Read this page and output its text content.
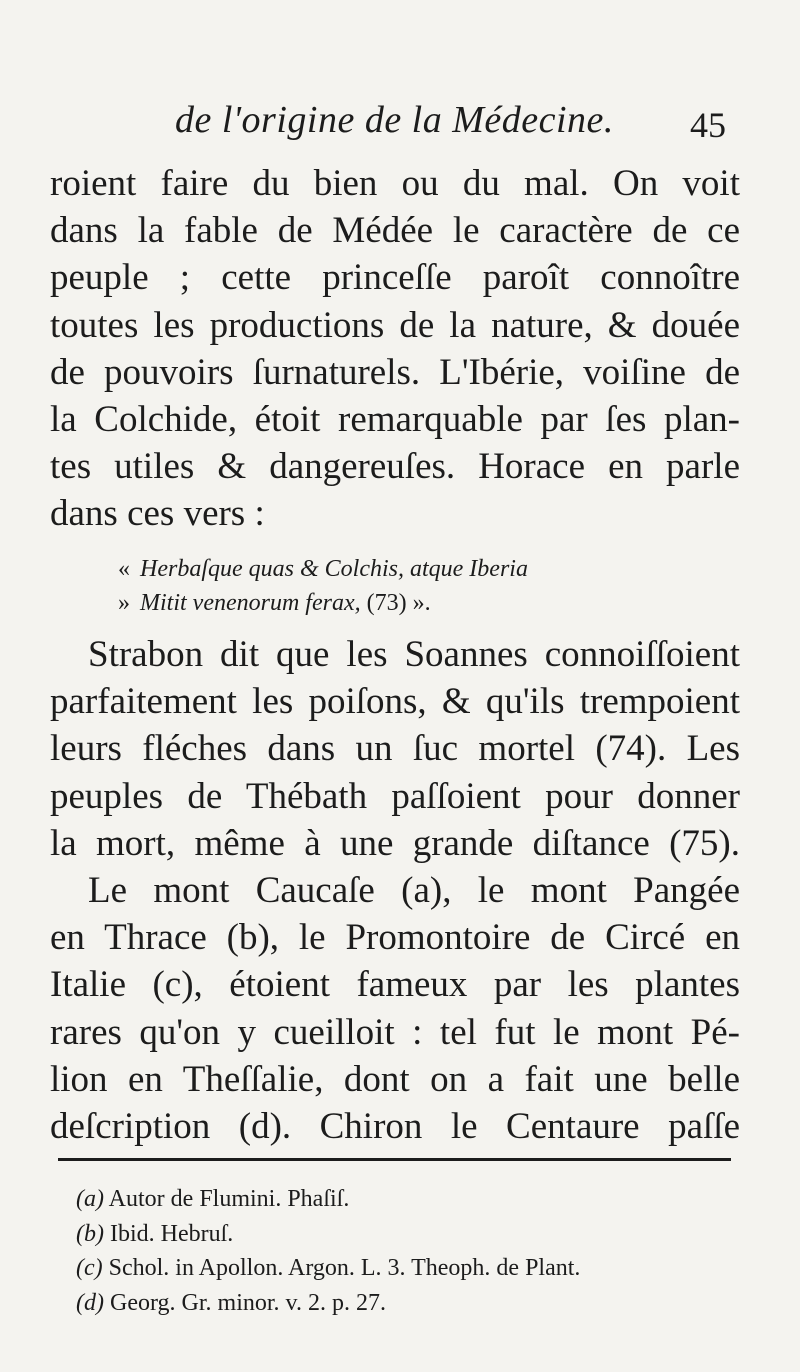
de l'origine de la Médecine. 45
roient faire du bien ou du mal. On voit
dans la fable de Médée le caractère de ce
peuple ; cette princeſſe paroît connoître
toutes les productions de la nature, & douée
de pouvoirs ſurnaturels. L'Ibérie, voiſine de
la Colchide, étoit remarquable par ſes plan-
tes utiles & dangereuſes. Horace en parle
dans ces vers :
« Herbaſque quas & Colchis, atque Iberia
» Mitit venenorum ferax, (73) ».
Strabon dit que les Soannes connoiſſoient
parfaitement les poiſons, & qu'ils trempoient
leurs fléches dans un ſuc mortel (74). Les
peuples de Thébath paſſoient pour donner
la mort, même à une grande diſtance (75).
Le mont Caucaſe (a), le mont Pangée
en Thrace (b), le Promontoire de Circé en
Italie (c), étoient fameux par les plantes
rares qu'on y cueilloit : tel fut le mont Pé-
lion en Theſſalie, dont on a fait une belle
deſcription (d). Chiron le Centaure paſſe
(a) Autor de Flumini. Phaſiſ.
(b) Ibid. Hebruſ.
(c) Schol. in Apollon. Argon. L. 3. Theoph. de Plant.
(d) Georg. Gr. minor. v. 2. p. 27.
